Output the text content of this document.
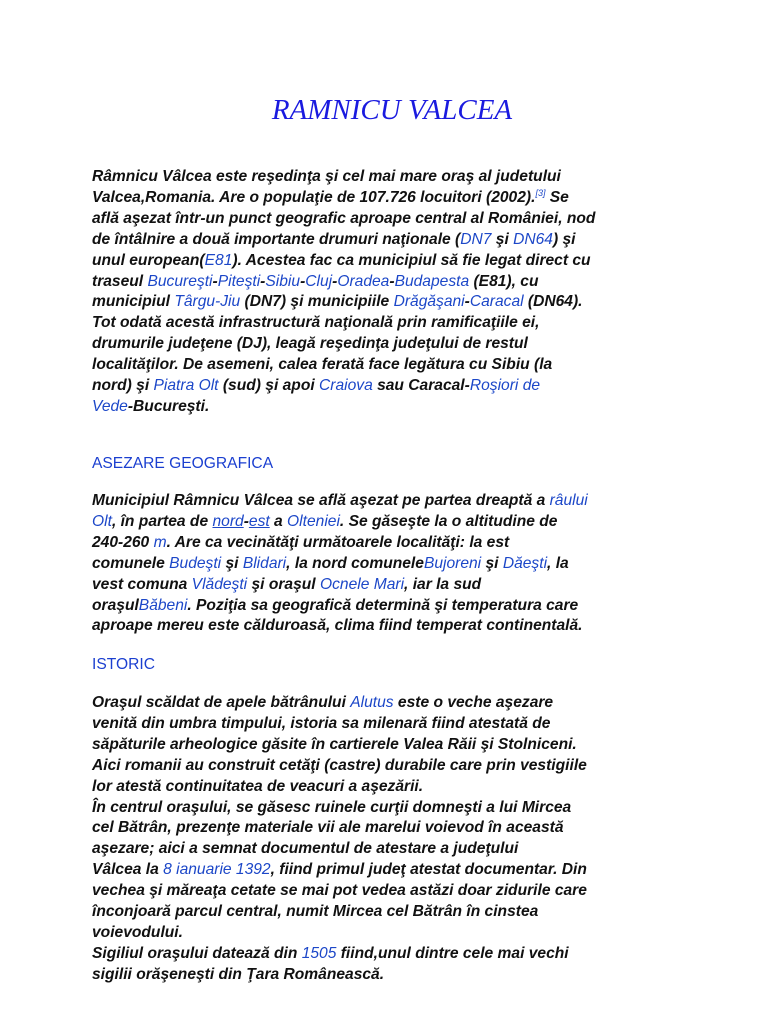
RAMNICU VALCEA

Râmnicu Vâlcea este reşedinţa şi cel mai mare oraş al judetului
Valcea,Romania. Are o populaţie de 107.726 locuitori (2002).[3] Se
află aşezat într-un punct geografic aproape central al României, nod
de întâlnire a două importante drumuri naţionale (DN7 şi DN64) şi
unul european(E81). Acestea fac ca municipiul să fie legat direct cu
traseul Bucureşti-Piteşti-Sibiu-Cluj-Oradea-Budapesta (E81), cu
municipiul Târgu-Jiu (DN7) şi municipiile Drăgăşani-Caracal (DN64).
Tot odată acestă infrastructură naţională prin ramificaţiile ei,
drumurile judeţene (DJ), leagă reşedinţa judeţului de restul
localităţilor. De asemeni, calea ferată face legătura cu Sibiu (la
nord) şi Piatra Olt (sud) şi apoi Craiova sau Caracal-Roşiori de
Vede-Bucureşti.

ASEZARE GEOGRAFICA

Municipiul Râmnicu Vâlcea se află aşezat pe partea dreaptă a râului
Olt, în partea de nord-est a Olteniei. Se găseşte la o altitudine de
240-260 m. Are ca vecinătăţi următoarele localităţi: la est
comunele Budeşti şi Blidari, la nord comuneleBujoreni şi Dăeşti, la
vest comuna Vlădeşti şi oraşul Ocnele Mari, iar la sud
oraşulBăbeni. Poziţia sa geografică determină şi temperatura care
aproape mereu este călduroasă, clima fiind temperat continentală.

ISTORIC

Oraşul scăldat de apele bătrânului Alutus este o veche aşezare
venită din umbra timpului, istoria sa milenară fiind atestată de
săpăturile arheologice găsite în cartierele Valea Răii şi Stolniceni.
Aici romanii au construit cetăţi (castre) durabile care prin vestigiile
lor atestă continuitatea de veacuri a aşezării.
În centrul oraşului, se găsesc ruinele curţii domneşti a lui Mircea
cel Bătrân, prezenţe materiale vii ale marelui voievod în această
aşezare; aici a semnat documentul de atestare a judeţului
Vâlcea la 8 ianuarie 1392, fiind primul judeţ atestat documentar. Din
vechea şi măreaţa cetate se mai pot vedea astăzi doar zidurile care
înconjoară parcul central, numit Mircea cel Bătrân în cinstea
voievodului.
Sigiliul oraşului datează din 1505 fiind,unul dintre cele mai vechi
sigilii orăşeneşti din Ţara Românească.
